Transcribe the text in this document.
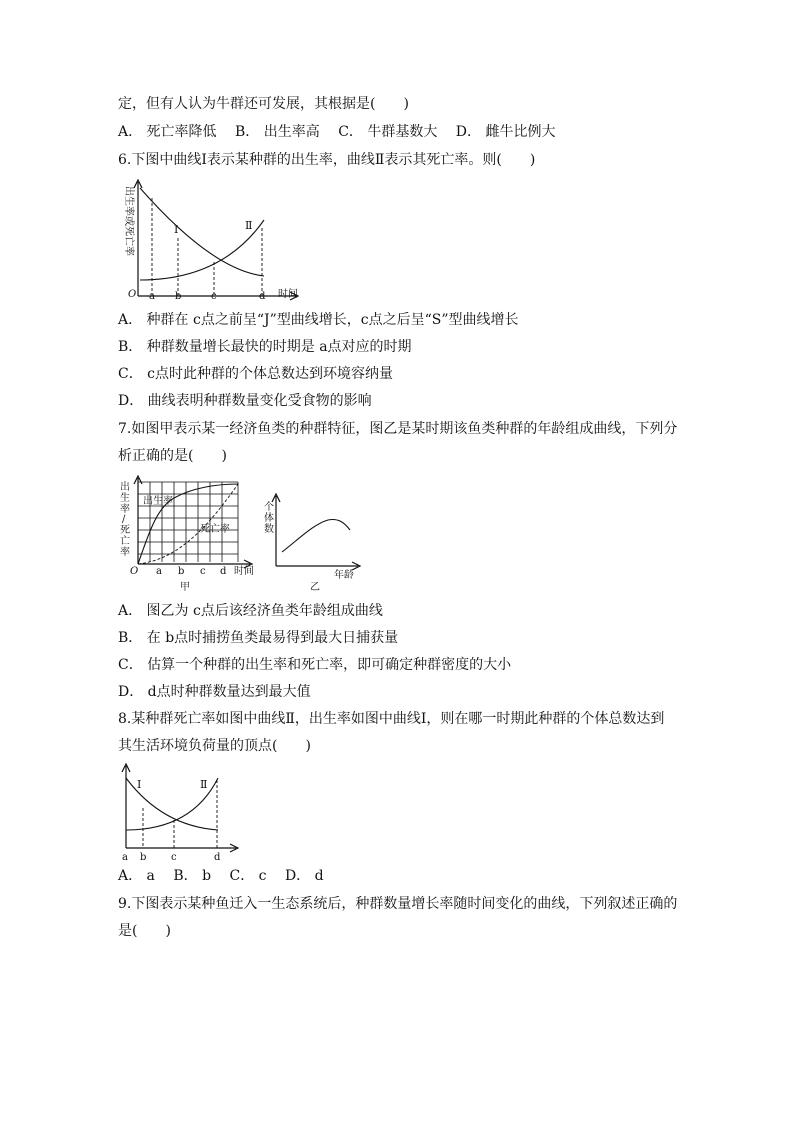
定，但有人认为牛群还可发展，其根据是(　　)
A． 死亡率降低　 B． 出生率高　 C． 牛群基数大　 D． 雌牛比例大
6.下图中曲线Ⅰ表示某种群的出生率，曲线Ⅱ表示其死亡率。则(　　)
出生率或死亡率
时间
O a b	c	d
Ⅰ	Ⅱ
A． 种群在 c点之前呈“J”型曲线增长，c点之后呈“S”型曲线增长
B． 种群数量增长最快的时期是 a点对应的时期
C． c点时此种群的个体总数达到环境容纳量
D． 曲线表明种群数量变化受食物的影响
7.如图甲表示某一经济鱼类的种群特征，图乙是某时期该鱼类种群的年龄组成曲线，下列分
析正确的是(　　)
出
生
率
/
死
亡
率
出生率
死亡率
O a b c d 时间
甲
个
体
数
年龄
乙
A． 图乙为 c点后该经济鱼类年龄组成曲线
B． 在 b点时捕捞鱼类最易得到最大日捕获量
C． 估算一个种群的出生率和死亡率，即可确定种群密度的大小
D． d点时种群数量达到最大值
8.某种群死亡率如图中曲线Ⅱ，出生率如图中曲线Ⅰ，则在哪一时期此种群的个体总数达到
其生活环境负荷量的顶点(　　)
Ⅰ	Ⅱ
a b c	d
A． a　 B． b　 C． c　 D． d
9.下图表示某种鱼迁入一生态系统后，种群数量增长率随时间变化的曲线，下列叙述正确的
是(　　)
